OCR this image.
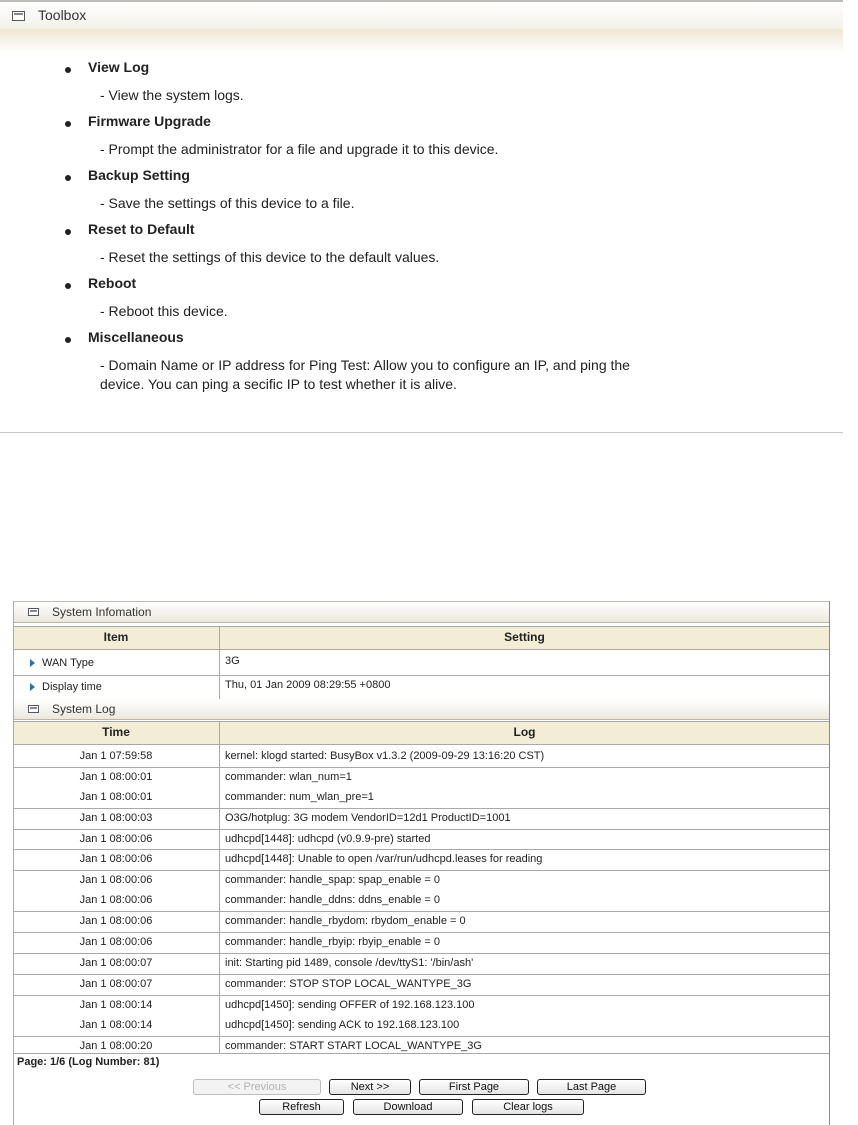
Toolbox
View Log
- View the system logs.
Firmware Upgrade
- Prompt the administrator for a file and upgrade it to this device.
Backup Setting
- Save the settings of this device to a file.
Reset to Default
- Reset the settings of this device to the default values.
Reboot
- Reboot this device.
Miscellaneous
- Domain Name or IP address for Ping Test: Allow you to configure an IP, and ping the
device. You can ping a secific IP to test whether it is alive.
System Infomation
Item	Setting
WAN Type	3G
Display time	Thu, 01 Jan 2009 08:29:55 +0800
System Log
Time	Log
Jan 1 07:59:58	kernel: klogd started: BusyBox v1.3.2 (2009-09-29 13:16:20 CST)
Jan 1 08:00:01	commander: wlan_num=1
Jan 1 08:00:01	commander: num_wlan_pre=1
Jan 1 08:00:03	O3G/hotplug: 3G modem VendorID=12d1 ProductID=1001
Jan 1 08:00:06	udhcpd[1448]: udhcpd (v0.9.9-pre) started
Jan 1 08:00:06	udhcpd[1448]: Unable to open /var/run/udhcpd.leases for reading
Jan 1 08:00:06	commander: handle_spap: spap_enable = 0
Jan 1 08:00:06	commander: handle_ddns: ddns_enable = 0
Jan 1 08:00:06	commander: handle_rbydom: rbydom_enable = 0
Jan 1 08:00:06	commander: handle_rbyip: rbyip_enable = 0
Jan 1 08:00:07	init: Starting pid 1489, console /dev/ttyS1: '/bin/ash'
Jan 1 08:00:07	commander: STOP STOP LOCAL_WANTYPE_3G
Jan 1 08:00:14	udhcpd[1450]: sending OFFER of 192.168.123.100
Jan 1 08:00:14	udhcpd[1450]: sending ACK to 192.168.123.100
Jan 1 08:00:20	commander: START START LOCAL_WANTYPE_3G
Page: 1/6 (Log Number: 81)
<< Previous	Next >>	First Page	Last Page
Refresh	Download	Clear logs
